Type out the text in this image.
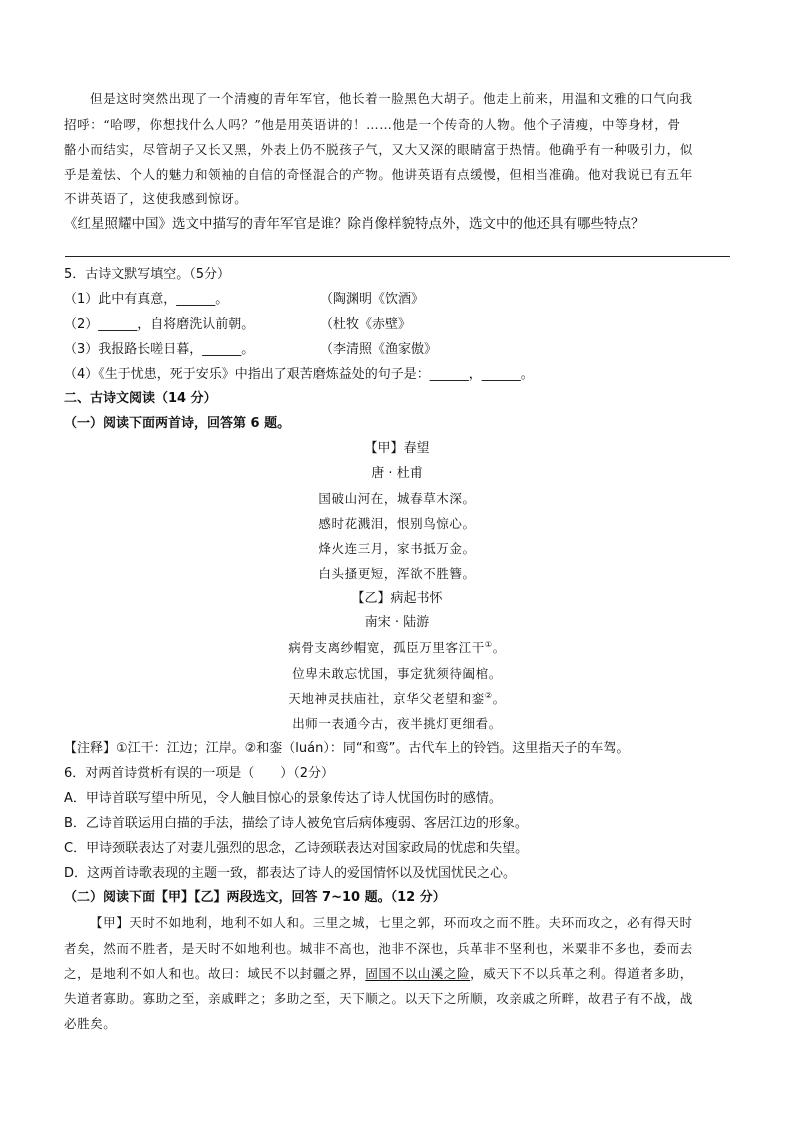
但是这时突然出现了一个清瘦的青年军官，他长着一脸黑色大胡子。他走上前来，用温和文雅的口气向我
招呼：“哈啰，你想找什么人吗？”他是用英语讲的！……他是一个传奇的人物。他个子清瘦，中等身材，骨
骼小而结实，尽管胡子又长又黑，外表上仍不脱孩子气，又大又深的眼睛富于热情。他确乎有一种吸引力，似
乎是羞怯、个人的魅力和领袖的自信的奇怪混合的产物。他讲英语有点缓慢，但相当准确。他对我说已有五年
不讲英语了，这使我感到惊讶。
《红星照耀中国》选文中描写的青年军官是谁？除肖像样貌特点外，选文中的他还具有哪些特点？
5．古诗文默写填空。（5分）
（1）此中有真意，______。	（陶渊明《饮酒》
（2）______，自将磨洗认前朝。	（杜牧《赤壁》
（3）我报路长嗟日暮，______。	（李清照《渔家傲》
（4）《生于忧患，死于安乐》中指出了艰苦磨炼益处的句子是：______，______。
二、古诗文阅读（14 分）
（一）阅读下面两首诗，回答第 6 题。
【甲】春望
唐 · 杜甫
国破山河在，城春草木深。
感时花溅泪，恨别鸟惊心。
烽火连三月，家书抵万金。
白头搔更短，浑欲不胜簪。
【乙】病起书怀
南宋 · 陆游
病骨支离纱帽宽，孤臣万里客江干①。
位卑未敢忘忧国，事定犹须待阖棺。
天地神灵扶庙社，京华父老望和銮②。
出师一表通今古，夜半挑灯更细看。
【注释】①江干：江边；江岸。②和銮（luán）：同“和鸾”。古代车上的铃铛。这里指天子的车驾。
6．对两首诗赏析有误的一项是（　　）（2分）
A．甲诗首联写望中所见，令人触目惊心的景象传达了诗人忧国伤时的感情。
B．乙诗首联运用白描的手法，描绘了诗人被免官后病体瘦弱、客居江边的形象。
C．甲诗颈联表达了对妻儿强烈的思念，乙诗颈联表达对国家政局的忧虑和失望。
D．这两首诗歌表现的主题一致，都表达了诗人的爱国情怀以及忧国忧民之心。
（二）阅读下面【甲】【乙】两段选文，回答 7~10 题。（12 分）
【甲】天时不如地利，地利不如人和。三里之城，七里之郭，环而攻之而不胜。夫环而攻之，必有得天时
者矣，然而不胜者，是天时不如地利也。城非不高也，池非不深也，兵革非不坚利也，米粟非不多也，委而去
之，是地利不如人和也。故曰：域民不以封疆之界，固国不以山溪之险，威天下不以兵革之利。得道者多助，
失道者寡助。寡助之至，亲戚畔之；多助之至，天下顺之。以天下之所顺，攻亲戚之所畔，故君子有不战，战
必胜矣。
